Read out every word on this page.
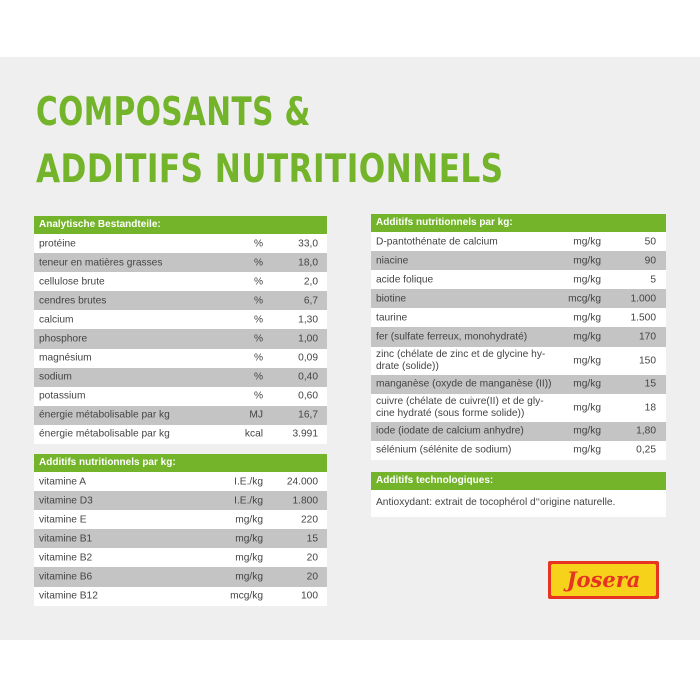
COMPOSANTS &
ADDITIFS NUTRITIONNELS
Analytische Bestandteile:
protéine	%	33,0
teneur en matières grasses	%	18,0
cellulose brute	%	2,0
cendres brutes	%	6,7
calcium	%	1,30
phosphore	%	1,00
magnésium	%	0,09
sodium	%	0,40
potassium	%	0,60
énergie métabolisable par kg	MJ	16,7
énergie métabolisable par kg	kcal	3.991
Additifs nutritionnels par kg:
vitamine A	I.E./kg 24.000
vitamine D3	I.E./kg	1.800
vitamine E	mg/kg	220
vitamine B1	mg/kg	15
vitamine B2	mg/kg	20
vitamine B6	mg/kg	20
vitamine B12	mcg/kg	100
Additifs nutritionnels par kg:
D-pantothénate de calcium	mg/kg	50
niacine	mg/kg	90
acide folique	mg/kg	5
biotine	mcg/kg	1.000
taurine	mg/kg	1.500
fer (sulfate ferreux, monohydraté)	mg/kg	170
zinc (chélate de zinc et de glycine hy-drate (solide))	mg/kg	150
manganèse (oxyde de manganèse (II)) mg/kg	15
cuivre (chélate de cuivre(II) et de gly-cine hydraté (sous forme solide))	mg/kg	18
iode (iodate de calcium anhydre)	mg/kg	1,80
sélénium (sélénite de sodium)	mg/kg	0,25
Additifs technologiques:
Antioxydant: extrait de tocophérol d‘‘origine naturelle.
Josera
